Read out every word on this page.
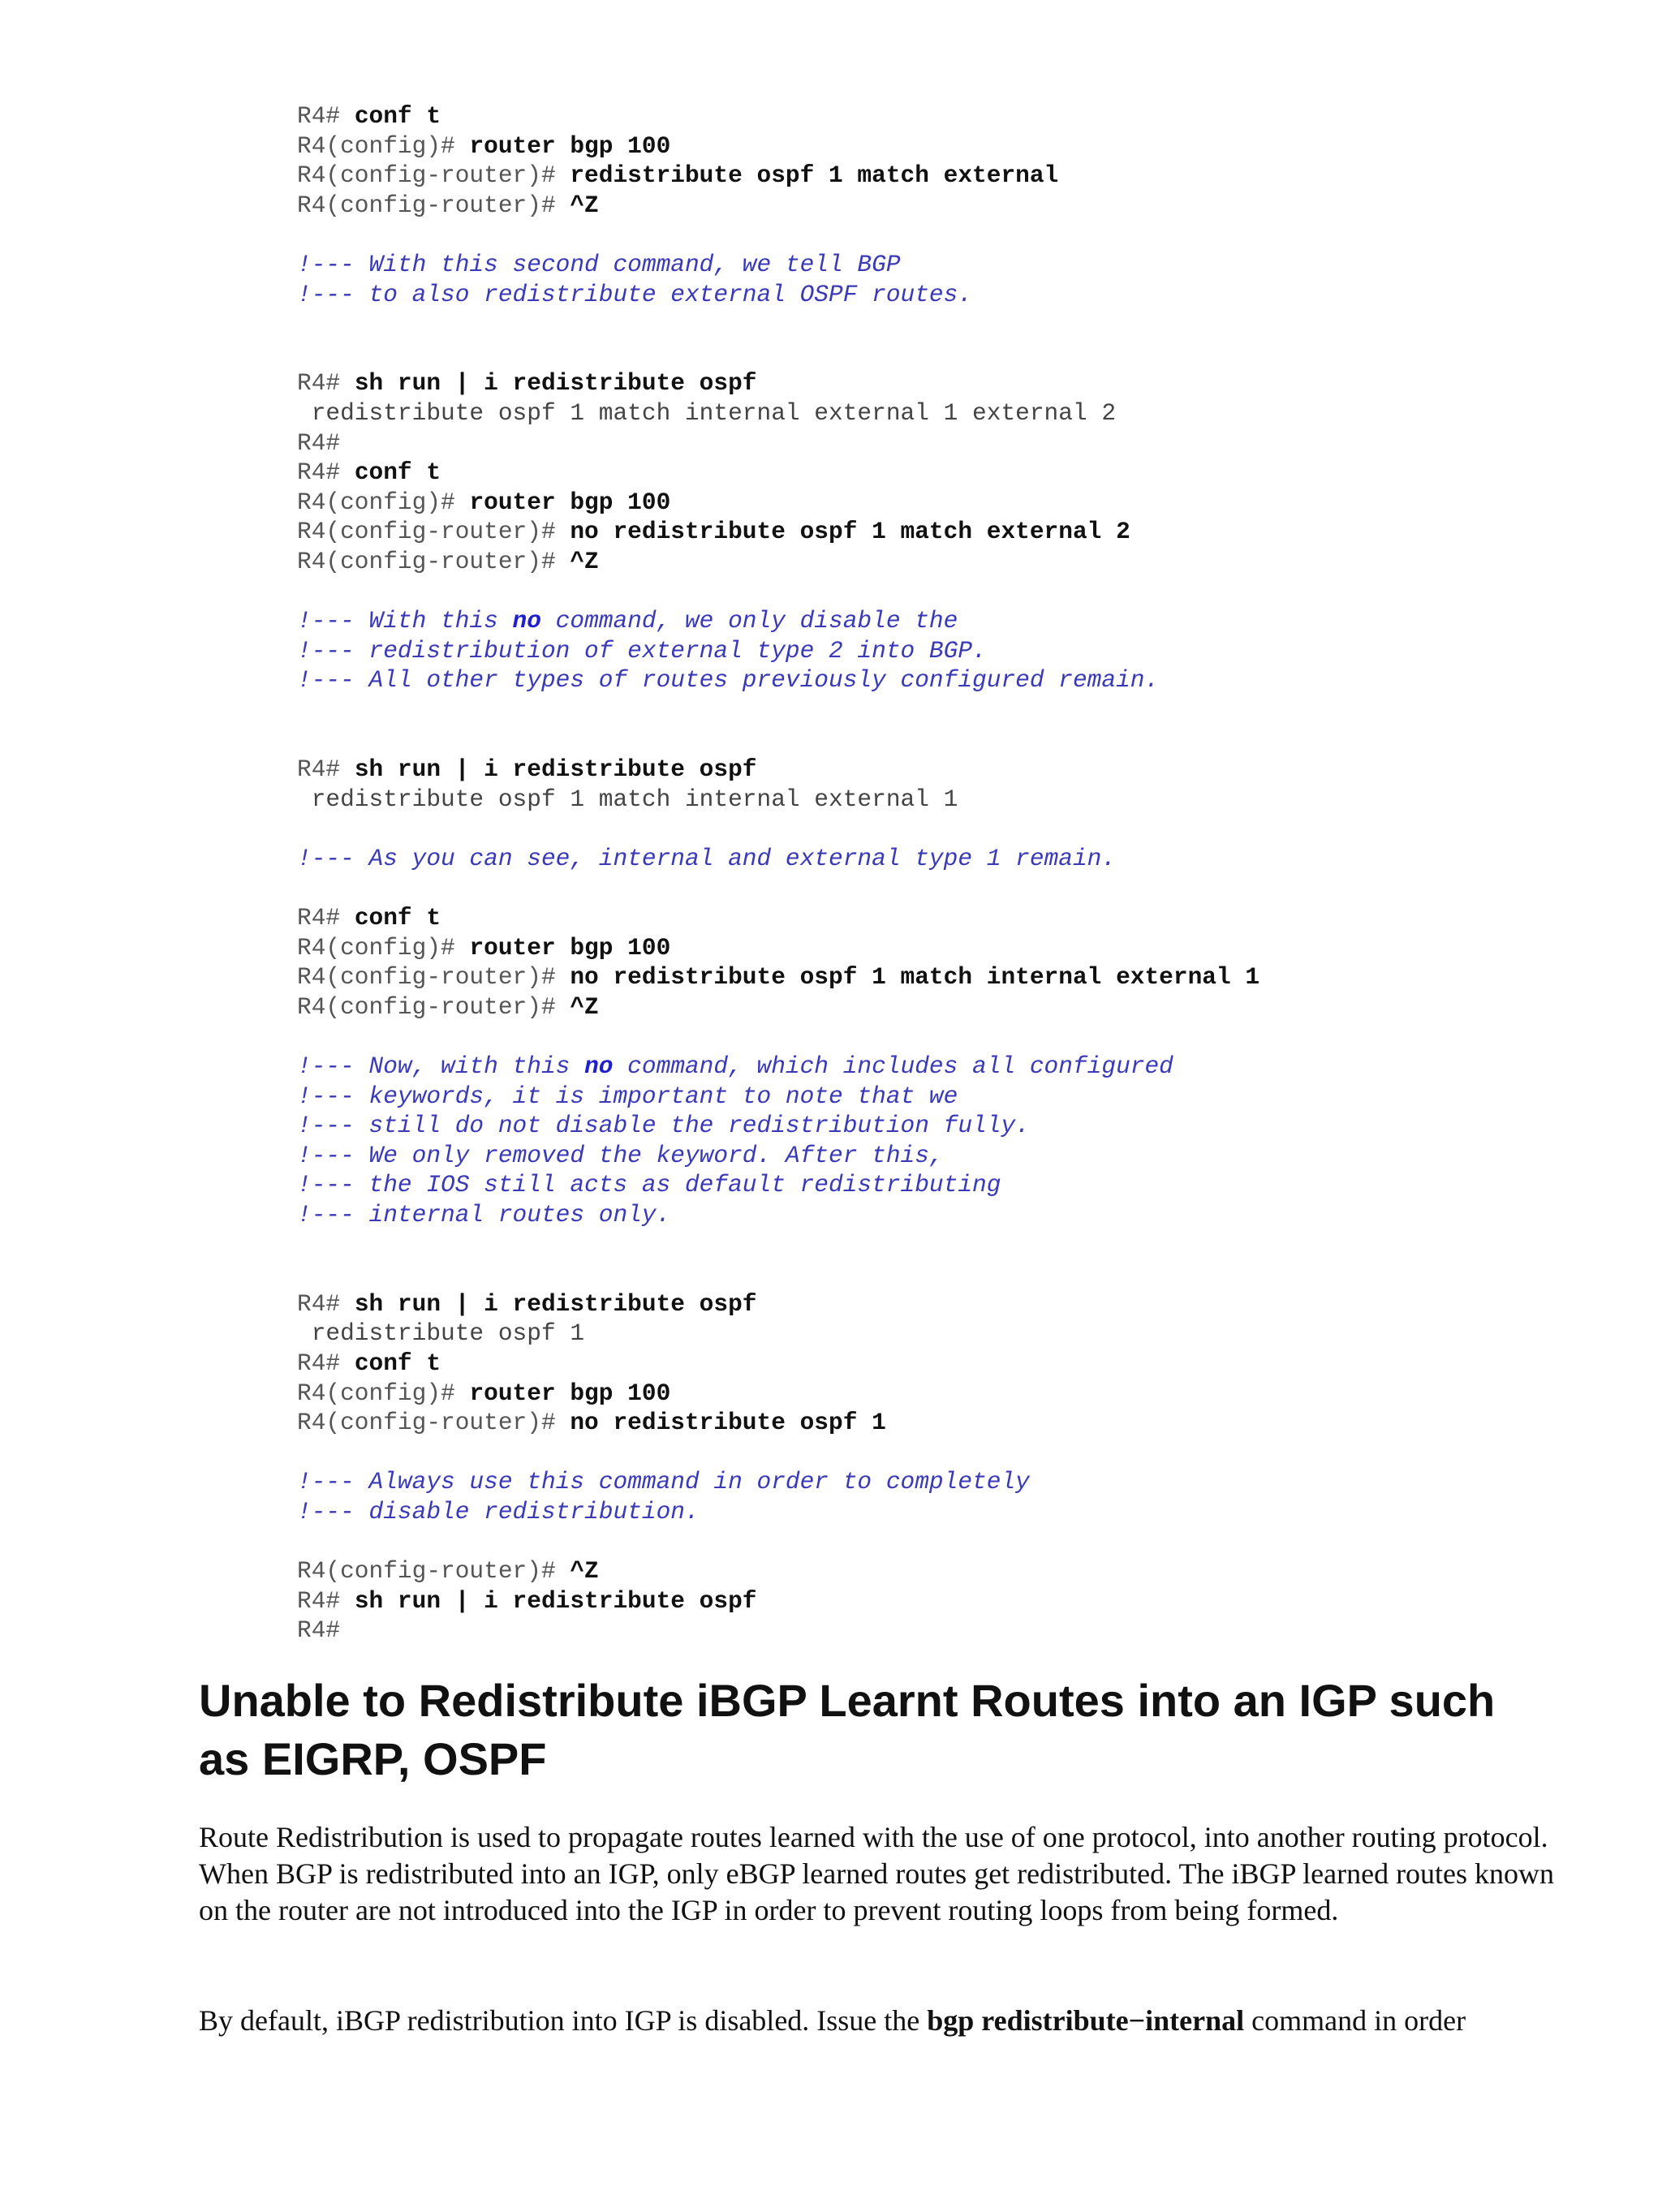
R4# conf t
R4(config)# router bgp 100
R4(config-router)# redistribute ospf 1 match external
R4(config-router)# ^Z
!--- With this second command, we tell BGP
!--- to also redistribute external OSPF routes.
R4# sh run | i redistribute ospf
redistribute ospf 1 match internal external 1 external 2
R4#
R4# conf t
R4(config)# router bgp 100
R4(config-router)# no redistribute ospf 1 match external 2
R4(config-router)# ^Z
!--- With this no command, we only disable the
!--- redistribution of external type 2 into BGP.
!--- All other types of routes previously configured remain.
R4# sh run | i redistribute ospf
redistribute ospf 1 match internal external 1
!--- As you can see, internal and external type 1 remain.
R4# conf t
R4(config)# router bgp 100
R4(config-router)# no redistribute ospf 1 match internal external 1
R4(config-router)# ^Z
!--- Now, with this no command, which includes all configured
!--- keywords, it is important to note that we
!--- still do not disable the redistribution fully.
!--- We only removed the keyword. After this,
!--- the IOS still acts as default redistributing
!--- internal routes only.
R4# sh run | i redistribute ospf
redistribute ospf 1
R4# conf t
R4(config)# router bgp 100
R4(config-router)# no redistribute ospf 1
!--- Always use this command in order to completely
!--- disable redistribution.
R4(config-router)# ^Z
R4# sh run | i redistribute ospf
R4#
Unable to Redistribute iBGP Learnt Routes into an IGP such as EIGRP, OSPF

Route Redistribution is used to propagate routes learned with the use of one protocol, into another routing protocol. When BGP is redistributed into an IGP, only eBGP learned routes get redistributed. The iBGP learned routes known on the router are not introduced into the IGP in order to prevent routing loops from being formed.

By default, iBGP redistribution into IGP is disabled. Issue the bgp redistribute−internal command in order
